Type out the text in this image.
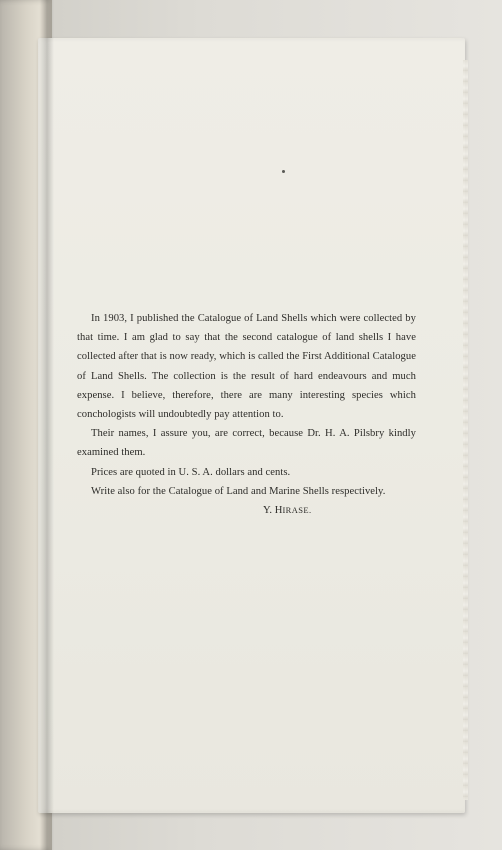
In 1903, I published the Catalogue of Land Shells which were collected by that time. I am glad to say that the second catalogue of land shells I have collected after that is now ready, which is called the First Additional Catalogue of Land Shells. The collection is the result of hard endeavours and much expense. I believe, therefore, there are many interesting species which conchologists will undoubtedly pay attention to.

Their names, I assure you, are correct, because Dr. H. A. Pilsbry kindly examined them.

Prices are quoted in U. S. A. dollars and cents.

Write also for the Catalogue of Land and Marine Shells respectively.

Y. HIRASE.
